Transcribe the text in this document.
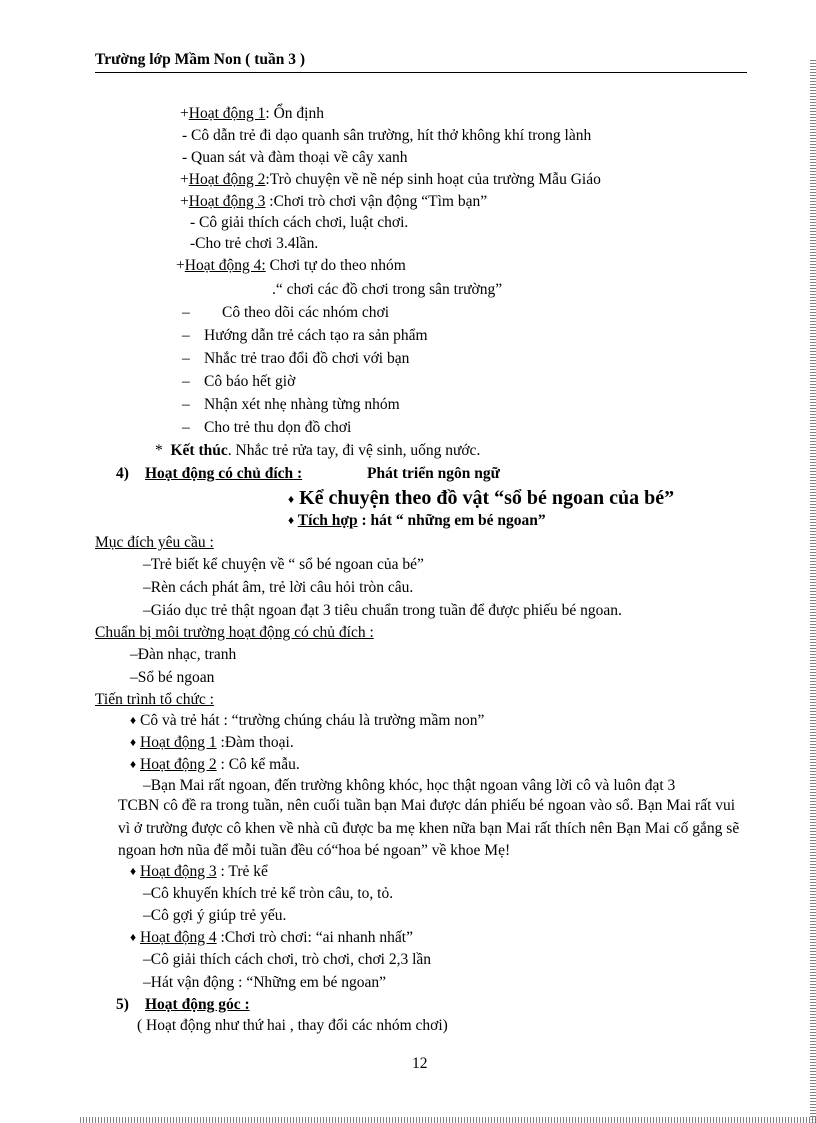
Trường lớp Mầm Non ( tuần 3 )
+Hoạt động 1: Ổn định
- Cô dẫn trẻ đi dạo quanh sân trường, hít thở không khí trong lành
- Quan sát và đàm thoại về cây xanh
+Hoạt động 2:Trò chuyện về nề nép sinh hoạt của trường Mẫu Giáo
+Hoạt động 3 :Chơi trò chơi vận động “Tìm bạn”
- Cô giải thích cách chơi, luật chơi.
-Cho trẻ chơi 3.4lần.
+Hoạt động 4: Chơi tự do theo nhóm
.“ chơi các đồ chơi trong sân trường”
– Cô theo dõi các nhóm chơi
– Hướng dẫn trẻ cách tạo ra sản phẩm
– Nhắc trẻ trao đổi đồ chơi với bạn
– Cô báo hết giờ
– Nhận xét nhẹ nhàng từng nhóm
– Cho trẻ thu dọn đồ chơi
*  Kết thúc. Nhắc trẻ rửa tay, đi vệ sinh, uống nước.
4) Hoạt động có chủ đích :	Phát triển ngôn ngữ
♦ Kể chuyện theo đồ vật “sổ bé ngoan của bé”
♦ Tích hợp : hát “ những em bé ngoan”
Mục đích yêu cầu :
–Trẻ biết kể chuyện về “ sổ bé ngoan của bé”
–Rèn cách phát âm, trẻ lời câu hỏi tròn câu.
–Giáo dục trẻ thật ngoan đạt 3 tiêu chuẩn trong tuần để được phiếu bé ngoan.
Chuẩn bị môi trường hoạt động có chủ đích :
–Đàn nhạc, tranh
–Sổ bé ngoan
Tiến trình tổ chức :
♦ Cô và trẻ hát : “trường chúng cháu là trường mầm non”
♦ Hoạt động 1 :Đàm thoại.
♦ Hoạt động 2 : Cô kể mẫu.
–Bạn Mai rất ngoan, đến trường không khóc, học thật ngoan vâng lời cô và luôn đạt 3
TCBN cô đề ra trong tuần, nên cuối tuần bạn Mai được dán phiếu bé ngoan vào sổ. Bạn Mai rất vui vì ở trường được cô khen về nhà cũ được ba mẹ khen nữa bạn Mai rất thích nên Bạn Mai cố gắng sẽ ngoan hơn nũa để mỗi tuần đều có“hoa bé ngoan” về khoe Mẹ!
♦ Hoạt động 3 : Trẻ kể
–Cô khuyến khích trẻ kể tròn câu, to, tỏ.
–Cô gợi ý giúp trẻ yếu.
♦ Hoạt động 4 :Chơi trò chơi: “ai nhanh nhất”
–Cô giải thích cách chơi, trò chơi, chơi 2,3 lần
–Hát vận động : “Những em bé ngoan”
5) Hoạt động góc :
( Hoạt động như thứ hai , thay đổi các nhóm chơi)
12
